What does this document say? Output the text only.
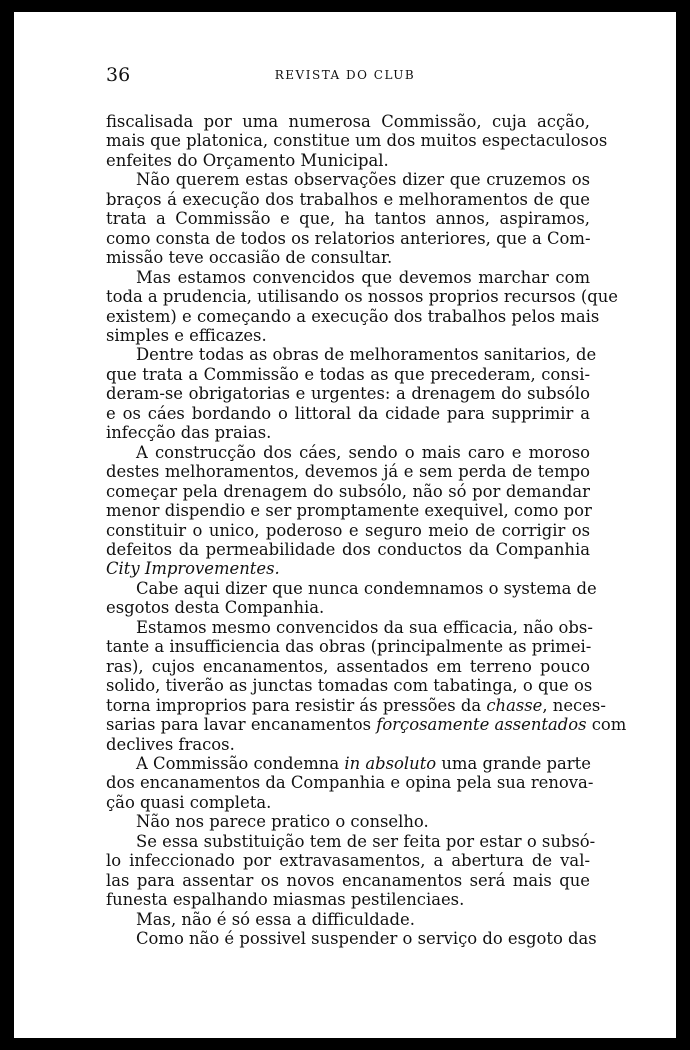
36	REVISTA DO CLUB
fiscalisada por uma numerosa Commissão, cuja acção,
mais que platonica, constitue um dos muitos espectaculosos
enfeites do Orçamento Municipal.
Não querem estas observações dizer que cruzemos os
braços á execução dos trabalhos e melhoramentos de que
trata a Commissão e que, ha tantos annos, aspiramos,
como consta de todos os relatorios anteriores, que a Com-
missão teve occasião de consultar.
Mas estamos convencidos que devemos marchar com
toda a prudencia, utilisando os nossos proprios recursos (que
existem) e começando a execução dos trabalhos pelos mais
simples e efficazes.
Dentre todas as obras de melhoramentos sanitarios, de
que trata a Commissão e todas as que precederam, consi-
deram-se obrigatorias e urgentes: a drenagem do subsólo
e os cáes bordando o littoral da cidade para supprimir a
infecção das praias.
A construcção dos cáes, sendo o mais caro e moroso
destes melhoramentos, devemos já e sem perda de tempo
começar pela drenagem do subsólo, não só por demandar
menor dispendio e ser promptamente exequivel, como por
constituir o unico, poderoso e seguro meio de corrigir os
defeitos da permeabilidade dos conductos da Companhia
City Improvementes.
Cabe aqui dizer que nunca condemnamos o systema de
esgotos desta Companhia.
Estamos mesmo convencidos da sua efficacia, não obs-
tante a insufficiencia das obras (principalmente as primei-
ras), cujos encanamentos, assentados em terreno pouco
solido, tiverão as junctas tomadas com tabatinga, o que os
torna improprios para resistir ás pressões da chasse, neces-
sarias para lavar encanamentos forçosamente assentados com
declives fracos.
A Commissão condemna in absoluto uma grande parte
dos encanamentos da Companhia e opina pela sua renova-
ção quasi completa.
Não nos parece pratico o conselho.
Se essa substituição tem de ser feita por estar o subsó-
lo infeccionado por extravasamentos, a abertura de val-
las para assentar os novos encanamentos será mais que
funesta espalhando miasmas pestilenciaes.
Mas, não é só essa a difficuldade.
Como não é possivel suspender o serviço do esgoto das
